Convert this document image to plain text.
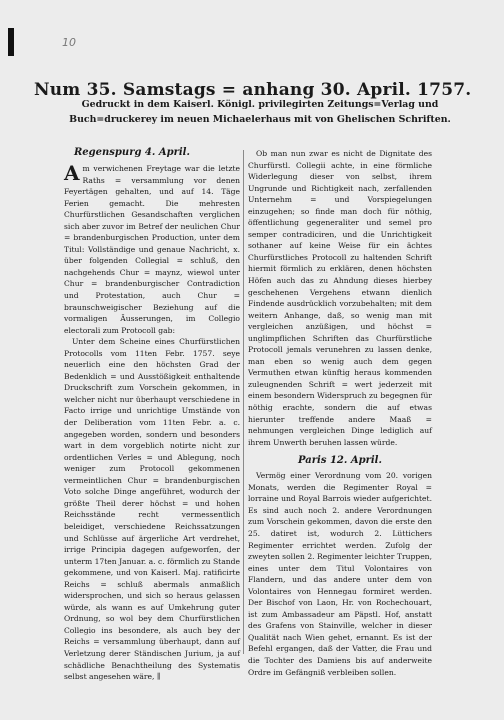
10
Num 35. Samstags = anhang 30. April. 1757.
Gedruckt in dem Kaiserl. Königl. privilegirten Zeitungs=Verlag und Buch=druckerey im neuen Michaelerhaus mit von Ghelischen Schriften.

Regenspurg 4. April.

Am verwichenen Freytage war die letzte Raths = versammlung vor denen Feyertägen gehalten, und auf 14. Täge Ferien gemacht. Die mehresten Churfürstlichen Gesandschaften verglichen sich aber zuvor im Betref der neulichen Chur = brandenburgischen Production, unter dem Titul: Vollständige und genaue Nachricht, x. über folgenden Collegial = schluß, den nachgehends Chur = maynz, wiewol unter Chur = brandenburgischer Contradiction und Protestation, auch Chur = braunschweigischer Beziehung auf die vormaligen Äusserungen, im Collegio electorali zum Protocoll gab:

Unter dem Scheine eines Churfürstlichen Protocolls vom 11ten Febr. 1757. seye neuerlich eine den höchsten Grad der Bedenklich = und Ausstößigkeit enthaltende Druckschrift zum Vorschein gekommen, in welcher nicht nur überhaupt verschiedene in Facto irrige und unrichtige Umstände von der Deliberation vom 11ten Febr. a. c. angegeben worden, sondern und besonders wart in dem vorgeblich notirte nicht zur ordentlichen Verles = und Ablegung, noch weniger zum Protocoll gekommenen vermeintlichen Chur = brandenburgischen Voto solche Dinge angeführet, wodurch der größte Theil derer höchst = und hohen Reichsstände recht vermessentlich beleidiget, verschiedene Reichssatzungen und Schlüsse auf ärgerliche Art verdrehet, irrige Principia dagegen aufgeworfen, der unterm 17ten Januar. a. c. förmlich zu Stande gekommene, und von Kaiserl. Maj. ratificirte Reichs = schluß abermals anmaßlich widersprochen, und sich so heraus gelassen würde, als wann es auf Umkehrung guter Ordnung, so wol bey dem Churfürstlichen Collegio ins besondere, als auch bey der Reichs = versammlung überhaupt, dann auf Verletzung derer Ständischen Jurium, ja auf schädliche Benachtheilung des Systematis selbst angesehen wäre, ∥

Ob man nun zwar es nicht de Dignitate des Churfürstl. Collegii achte, in eine förmliche Widerlegung dieser von selbst, ihrem Ungrunde und Richtigkeit nach, zerfallenden Unternehm = und Vorspiegelungen einzugehen; so finde man doch für nöthig, öffentlichung gegeneraliter und semel pro semper contradiciren, und die Unrichtigkeit sothaner auf keine Weise für ein ächtes Churfürstliches Protocoll zu haltenden Schrift hiermit förmlich zu erklären, denen höchsten Höfen auch das zu Ahndung dieses hierbey geschehenen Vergehens etwann dienlich Findende ausdrücklich vorzubehalten; mit dem weitern Anhange, daß, so wenig man mit vergleichen anzüßigen, und höchst = unglimpflichen Schriften das Churfürstliche Protocoll jemals verunehren zu lassen denke, man eben so wenig auch dem gegen Vermuthen etwan künftig heraus kommenden zuleugnenden Schrift = wert jederzeit mit einem besondern Widerspruch zu begegnen für nöthig erachte, sondern die auf etwas hierunter treffende andere Maaß = nehmungen vergleichen Dinge lediglich auf ihrem Unwerth beruhen lassen würde.

Paris 12. April.

Vermög einer Verordnung vom 20. vorigen Monats, werden die Regimenter Royal = lorraine und Royal Barrois wieder aufgerichtet. Es sind auch noch 2. andere Verordnungen zum Vorschein gekommen, davon die erste den 25. datiret ist, wodurch 2. Lüttichers Regimenter errichtet werden. Zufolg der zweyten sollen 2. Regimenter leichter Truppen, eines unter dem Titul Volontaires von Flandern, und das andere unter dem von Volontaires von Hennegau formiret werden. Der Bischof von Laon, Hr. von Rochechouart, ist zum Ambassadeur am Päpstl. Hof, anstatt des Grafens von Stainville, welcher in dieser Qualität nach Wien gehet, ernannt. Es ist der Befehl ergangen, daß der Vatter, die Frau und die Tochter des Damiens bis auf anderweite Ordre im Gefängniß verbleiben sollen.
